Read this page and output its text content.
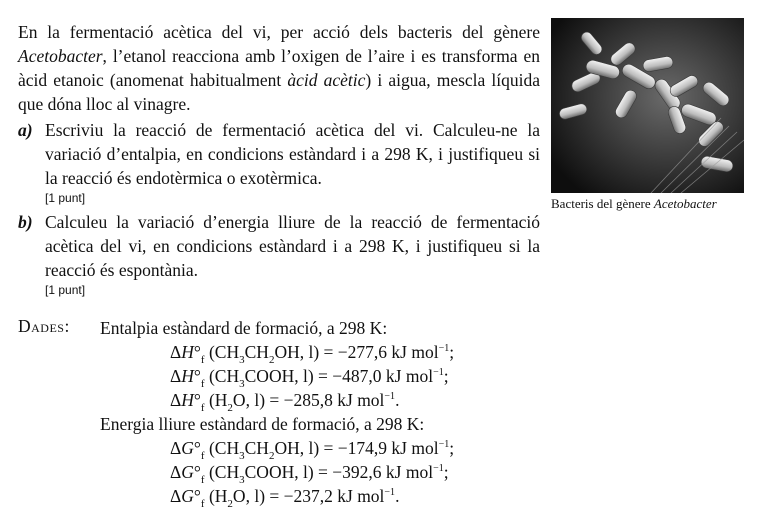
En la fermentació acètica del vi, per acció dels bacteris del gènere Acetobacter, l’etanol reacciona amb l’oxigen de l’aire i es transforma en àcid etanoic (anomenat habitualment àcid acètic) i aigua, mescla líquida que dóna lloc al vinagre.
a) Escriviu la reacció de fermentació acètica del vi. Calculeu-ne la variació d’entalpia, en condicions estàndard i a 298 K, i justifiqueu si la reacció és endotèrmica o exotèrmica.
[1 punt]
b) Calculeu la variació d’energia lliure de la reacció de fermentació acètica del vi, en condicions estàndard i a 298 K, i justifiqueu si la reacció és espontània.
[1 punt]
Bacteris del gènere Acetobacter
Dades: Entalpia estàndard de formació, a 298 K:
$\Delta H^\circ_f$ ($CH_3CH_2OH$, l) = −277,6 kJ mol$^{-1}$;
$\Delta H^\circ_f$ ($CH_3COOH$, l) = −487,0 kJ mol$^{-1}$;
$\Delta H^\circ_f$ ($H_2O$, l) = −285,8 kJ mol$^{-1}$.
Energia lliure estàndard de formació, a 298 K:
$\Delta G^\circ_f$ ($CH_3CH_2OH$, l) = −174,9 kJ mol$^{-1}$;
$\Delta G^\circ_f$ ($CH_3COOH$, l) = −392,6 kJ mol$^{-1}$;
$\Delta G^\circ_f$ ($H_2O$, l) = −237,2 kJ mol$^{-1}$.
